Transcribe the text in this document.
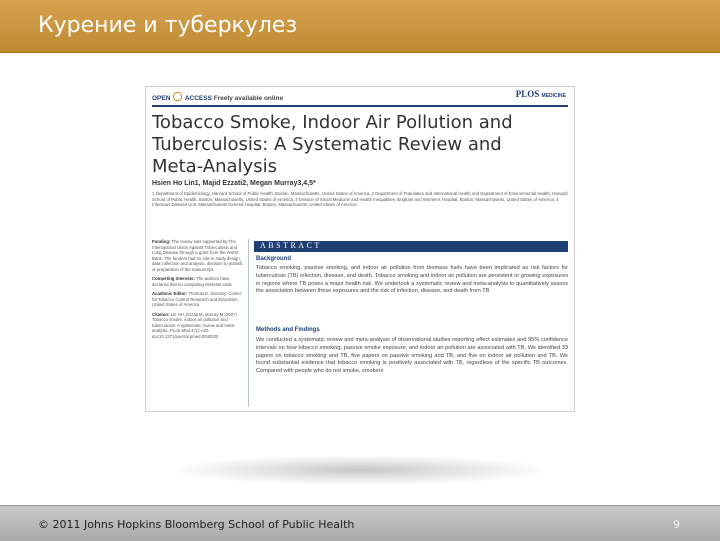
Курение и туберкулез
OPEN ACCESS Freely available online	PLOS MEDICINE
Tobacco Smoke, Indoor Air Pollution and Tuberculosis: A Systematic Review and Meta-Analysis
Hsien Ho Lin1, Majid Ezzati2, Megan Murray3,4,5*
1 Department of Epidemiology, Harvard School of Public Health, Boston, Massachusetts, United States of America, 2 Department of Population and International Health and Department of Environmental Health, Harvard School of Public Health, Boston, Massachusetts, United States of America, 3 Division of Social Medicine and Health Inequalities, Brigham and Women's Hospital, Boston, Massachusetts, United States of America, 4 Infectious Disease Unit, Massachusetts General Hospital, Boston, Massachusetts, United States of America
Funding: The review was supported by The International Union Against Tuberculosis and Lung Disease through a grant from the World Bank. The funders had no role in study design, data collection and analysis, decision to publish, or preparation of the manuscript.
Competing Interests: The authors have declared that no competing interests exist.
Academic Editor: Thomas E. Novotny, Center for Tobacco Control Research and Education, United States of America
Citation: Lin HH, Ezzati M, Murray M (2007) Tobacco smoke, indoor air pollution and tuberculosis: A systematic review and meta-analysis. PLoS Med 4(1): e20. doi:10.1371/journal.pmed.0040020
ABSTRACT
Background
Tobacco smoking, passive smoking, and indoor air pollution from biomass fuels have been implicated as risk factors for tuberculosis (TB) infection, disease, and death. Tobacco smoking and indoor air pollution are persistent or growing exposures in regions where TB poses a major health risk. We undertook a systematic review and meta-analysis to quantitatively assess the association between these exposures and the risk of infection, disease, and death from TB.
Methods and Findings
We conducted a systematic review and meta-analysis of observational studies reporting effect estimates and 95% confidence intervals on how tobacco smoking, passive smoke exposure, and indoor air pollution are associated with TB. We identified 33 papers on tobacco smoking and TB, five papers on passive smoking and TB, and five on indoor air pollution and TB. We found substantial evidence that tobacco smoking is positively associated with TB, regardless of the specific TB outcomes. Compared with people who do not smoke, smokers
© 2011 Johns Hopkins Bloomberg School of Public Health	9
